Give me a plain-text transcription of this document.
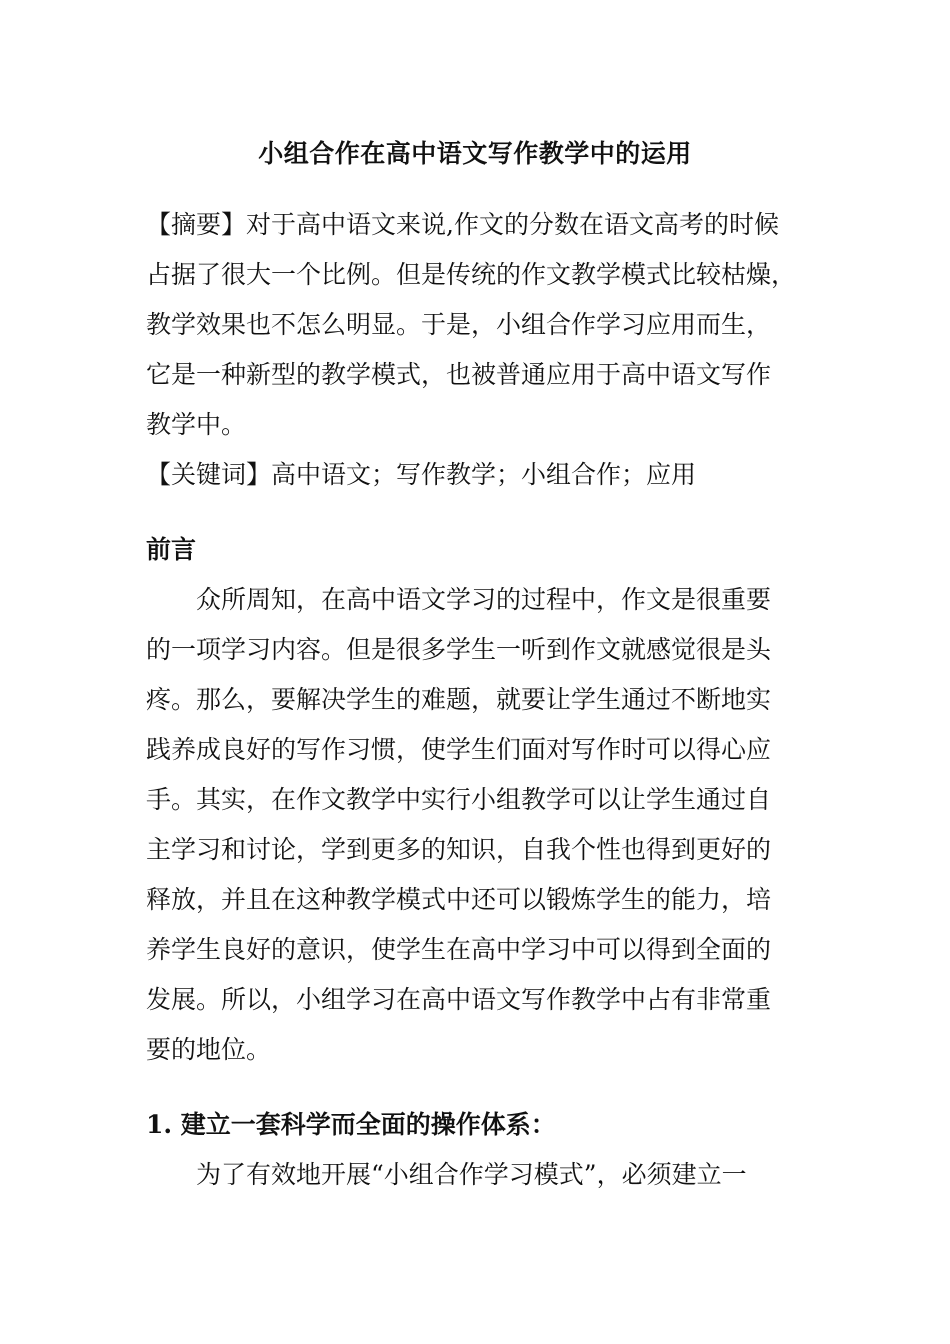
小组合作在高中语文写作教学中的运用
【摘要】对于高中语文来说,作文的分数在语文高考的时候
占据了很大一个比例。但是传统的作文教学模式比较枯燥，
教学效果也不怎么明显。于是，小组合作学习应用而生，
它是一种新型的教学模式，也被普通应用于高中语文写作
教学中。
【关键词】高中语文；写作教学；小组合作；应用
前言
众所周知，在高中语文学习的过程中，作文是很重要
的一项学习内容。但是很多学生一听到作文就感觉很是头
疼。那么，要解决学生的难题，就要让学生通过不断地实
践养成良好的写作习惯，使学生们面对写作时可以得心应
手。其实，在作文教学中实行小组教学可以让学生通过自
主学习和讨论，学到更多的知识，自我个性也得到更好的
释放，并且在这种教学模式中还可以锻炼学生的能力，培
养学生良好的意识，使学生在高中学习中可以得到全面的
发展。所以，小组学习在高中语文写作教学中占有非常重
要的地位。
1. 建立一套科学而全面的操作体系：
为了有效地开展“小组合作学习模式”，必须建立一
